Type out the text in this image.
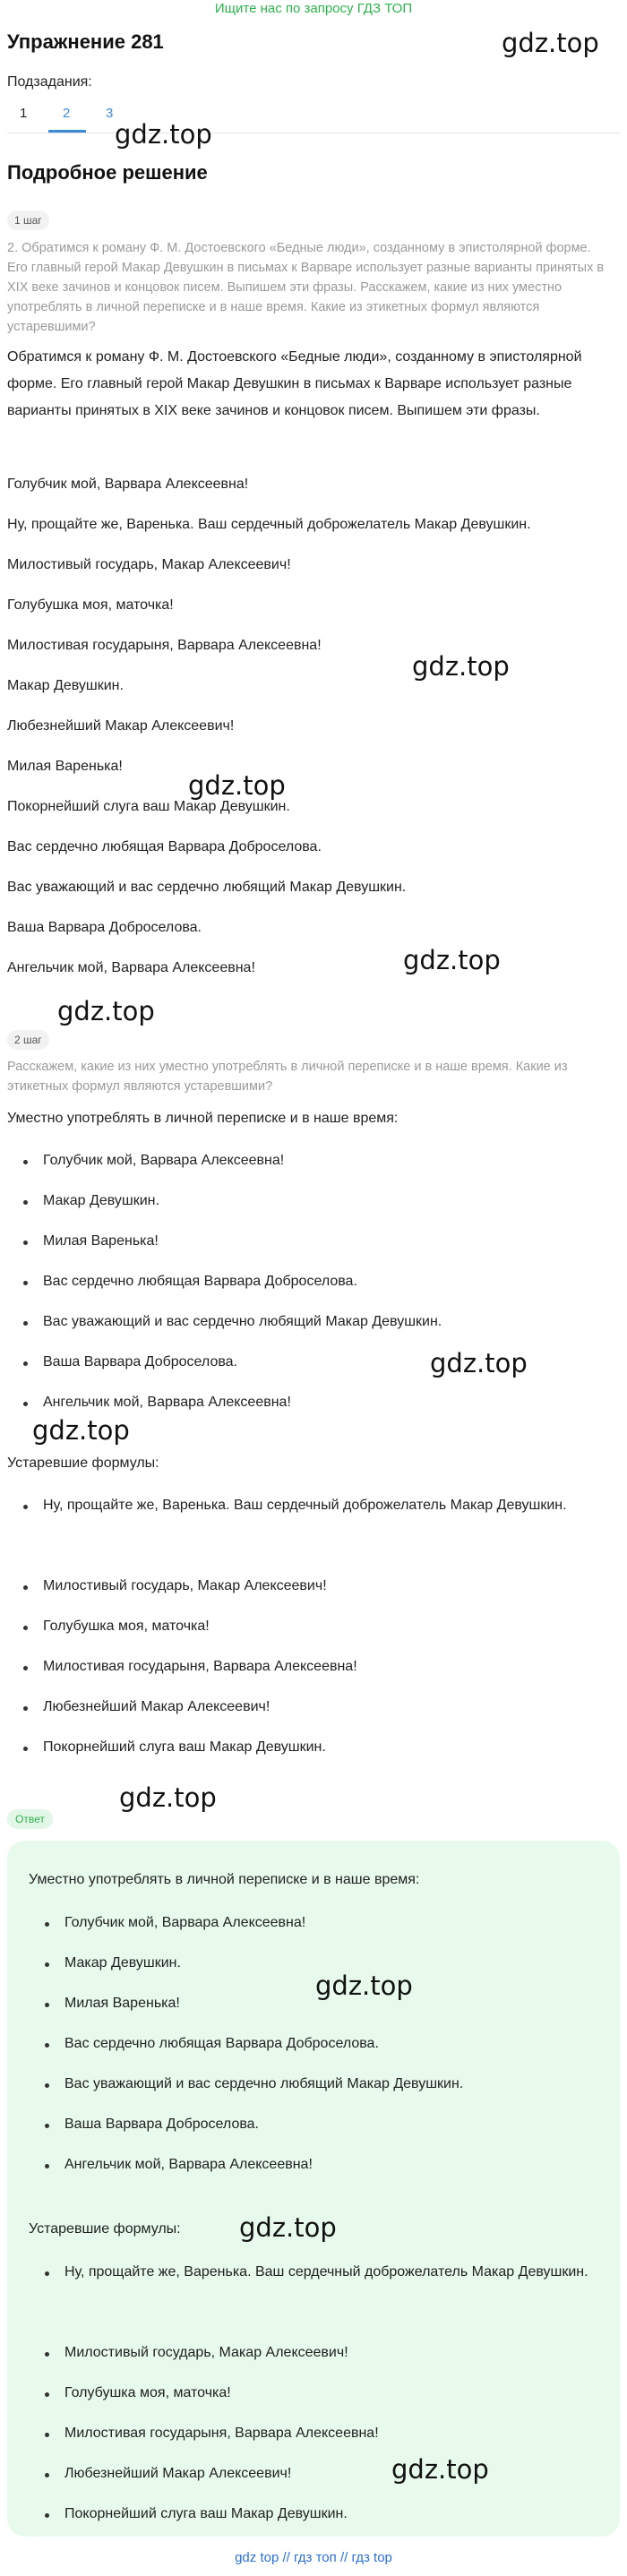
Ищите нас по запросу ГДЗ ТОП
Упражнение 281
Подзадания:
1	2	3
Подробное решение
1 шаг
2. Обратимся к роману Ф. М. Достоевского «Бедные люди», созданному в эпистолярной форме. Его главный герой Макар Девушкин в письмах к Варваре использует разные варианты принятых в XIX веке зачинов и концовок писем. Выпишем эти фразы. Расскажем, какие из них уместно употреблять в личной переписке и в наше время. Какие из этикетных формул являются устаревшими?
Обратимся к роману Ф. М. Достоевского «Бедные люди», созданному в эпистолярной форме. Его главный герой Макар Девушкин в письмах к Варваре использует разные варианты принятых в XIX веке зачинов и концовок писем. Выпишем эти фразы.
Голубчик мой, Варвара Алексеевна!
Ну, прощайте же, Варенька. Ваш сердечный доброжелатель Макар Девушкин.
Милостивый государь, Макар Алексеевич!
Голубушка моя, маточка!
Милостивая государыня, Варвара Алексеевна!
Макар Девушкин.
Любезнейший Макар Алексеевич!
Милая Варенька!
Покорнейший слуга ваш Макар Девушкин.
Вас сердечно любящая Варвара Доброселова.
Вас уважающий и вас сердечно любящий Макар Девушкин.
Ваша Варвара Доброселова.
Ангельчик мой, Варвара Алексеевна!
2 шаг
Расскажем, какие из них уместно употреблять в личной переписке и в наше время. Какие из этикетных формул являются устаревшими?
Уместно употреблять в личной переписке и в наше время:
Голубчик мой, Варвара Алексеевна!
Макар Девушкин.
Милая Варенька!
Вас сердечно любящая Варвара Доброселова.
Вас уважающий и вас сердечно любящий Макар Девушкин.
Ваша Варвара Доброселова.
Ангельчик мой, Варвара Алексеевна!
Устаревшие формулы:
Ну, прощайте же, Варенька. Ваш сердечный доброжелатель Макар Девушкин.
Милостивый государь, Макар Алексеевич!
Голубушка моя, маточка!
Милостивая государыня, Варвара Алексеевна!
Любезнейший Макар Алексеевич!
Покорнейший слуга ваш Макар Девушкин.
Ответ
Уместно употреблять в личной переписке и в наше время:
Голубчик мой, Варвара Алексеевна!
Макар Девушкин.
Милая Варенька!
Вас сердечно любящая Варвара Доброселова.
Вас уважающий и вас сердечно любящий Макар Девушкин.
Ваша Варвара Доброселова.
Ангельчик мой, Варвара Алексеевна!
Устаревшие формулы:
Ну, прощайте же, Варенька. Ваш сердечный доброжелатель Макар Девушкин.
Милостивый государь, Макар Алексеевич!
Голубушка моя, маточка!
Милостивая государыня, Варвара Алексеевна!
Любезнейший Макар Алексеевич!
Покорнейший слуга ваш Макар Девушкин.
gdz.top
gdz.top
gdz.top
gdz.top
gdz.top
gdz.top
gdz.top
gdz.top
gdz.top
gdz.top
gdz.top
gdz.top
gdz top // гдз топ // гдз top
